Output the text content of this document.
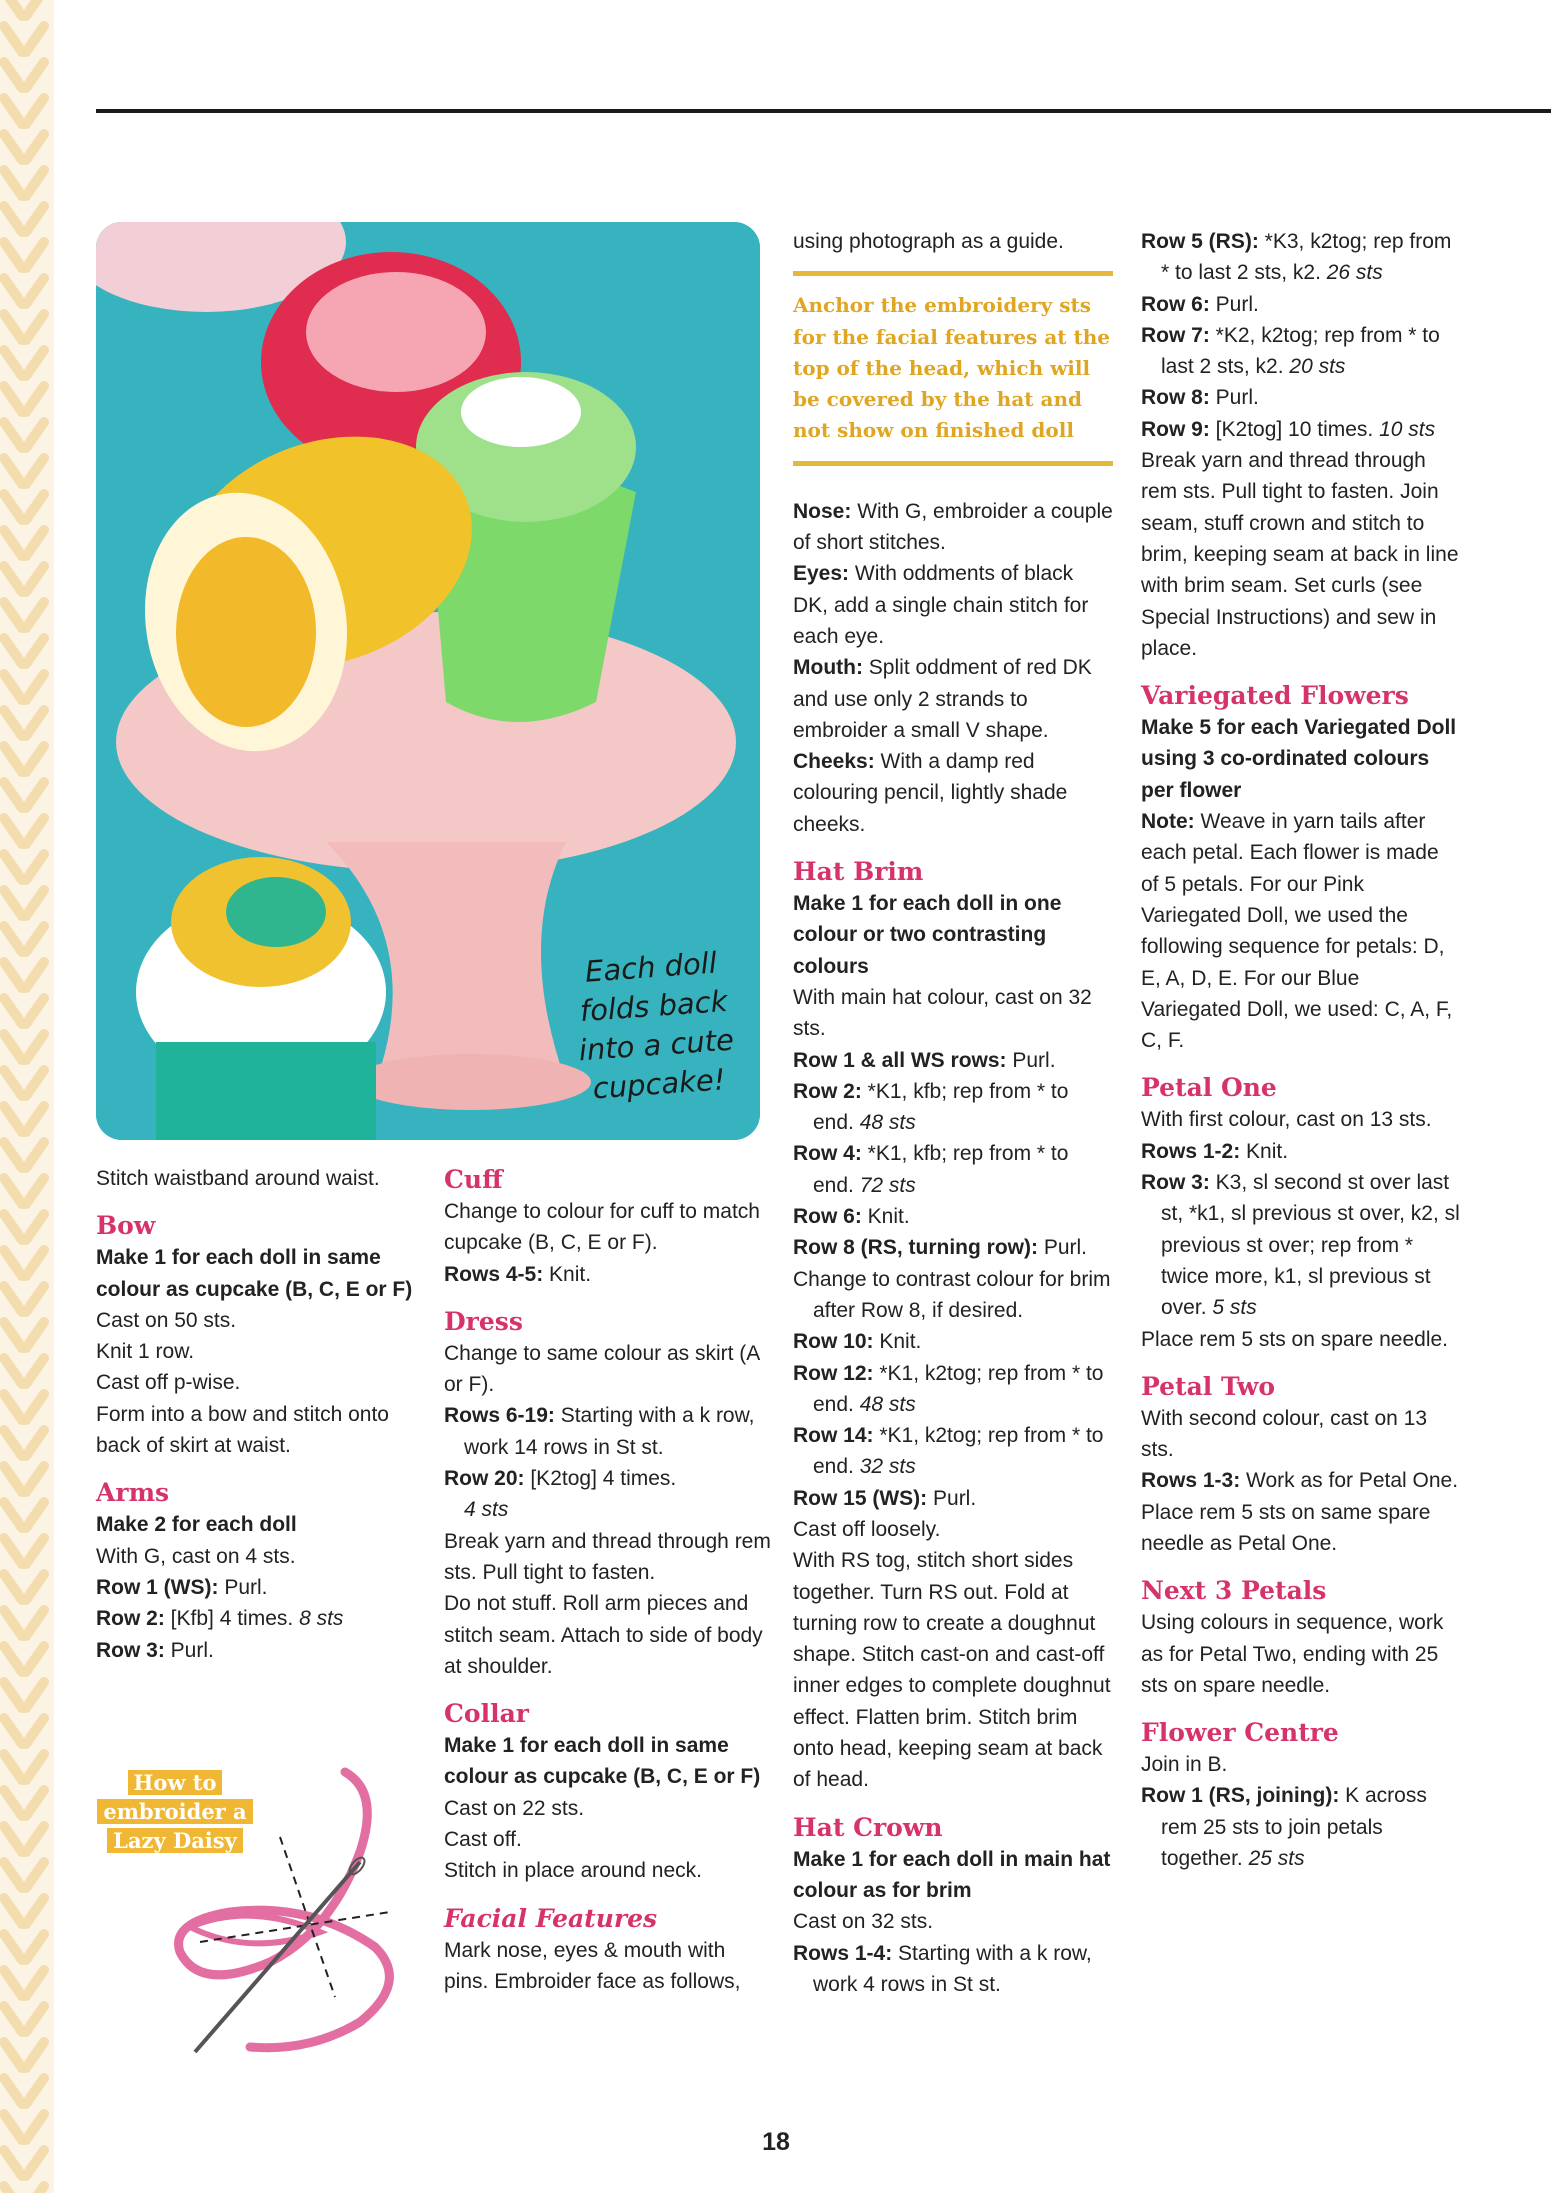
Each doll folds back into a cute cupcake!

Stitch waistband around waist.

Bow

Make 1 for each doll in same colour as cupcake (B, C, E or F)

Cast on 50 sts.

Knit 1 row.

Cast off p-wise.

Form into a bow and stitch onto back of skirt at waist.

Arms

Make 2 for each doll

With G, cast on 4 sts.

Row 1 (WS): Purl.

Row 2: [Kfb] 4 times. 8 sts

Row 3: Purl.

How to
embroider a
Lazy Daisy

Cuff

Change to colour for cuff to match cupcake (B, C, E or F).

Rows 4-5: Knit.

Dress

Change to same colour as skirt (A or F).

Rows 6-19: Starting with a k row, work 14 rows in St st.

Row 20: [K2tog] 4 times.

4 sts

Break yarn and thread through rem sts. Pull tight to fasten.

Do not stuff. Roll arm pieces and stitch seam. Attach to side of body at shoulder.

Collar

Make 1 for each doll in same colour as cupcake (B, C, E or F)

Cast on 22 sts.

Cast off.

Stitch in place around neck.

Facial Features

Mark nose, eyes & mouth with pins. Embroider face as follows,

using photograph as a guide.

Anchor the embroidery sts for the facial features at the top of the head, which will be covered by the hat and not show on finished doll

Nose: With G, embroider a couple of short stitches.

Eyes: With oddments of black DK, add a single chain stitch for each eye.

Mouth: Split oddment of red DK and use only 2 strands to embroider a small V shape.

Cheeks: With a damp red colouring pencil, lightly shade cheeks.

Hat Brim

Make 1 for each doll in one colour or two contrasting colours

With main hat colour, cast on 32 sts.

Row 1 & all WS rows: Purl.

Row 2: *K1, kfb; rep from * to end. 48 sts

Row 4: *K1, kfb; rep from * to end. 72 sts

Row 6: Knit.

Row 8 (RS, turning row): Purl.

Change to contrast colour for brim after Row 8, if desired.

Row 10: Knit.

Row 12: *K1, k2tog; rep from * to end. 48 sts

Row 14: *K1, k2tog; rep from * to end. 32 sts

Row 15 (WS): Purl.

Cast off loosely.

With RS tog, stitch short sides together. Turn RS out. Fold at turning row to create a doughnut shape. Stitch cast-on and cast-off inner edges to complete doughnut effect. Flatten brim. Stitch brim onto head, keeping seam at back of head.

Hat Crown

Make 1 for each doll in main hat colour as for brim

Cast on 32 sts.

Rows 1-4: Starting with a k row, work 4 rows in St st.

Row 5 (RS): *K3, k2tog; rep from * to last 2 sts, k2. 26 sts

Row 6: Purl.

Row 7: *K2, k2tog; rep from * to last 2 sts, k2. 20 sts

Row 8: Purl.

Row 9: [K2tog] 10 times. 10 sts

Break yarn and thread through rem sts. Pull tight to fasten. Join seam, stuff crown and stitch to brim, keeping seam at back in line with brim seam. Set curls (see Special Instructions) and sew in place.

Variegated Flowers

Make 5 for each Variegated Doll using 3 co-ordinated colours per flower

Note: Weave in yarn tails after each petal. Each flower is made of 5 petals. For our Pink Variegated Doll, we used the following sequence for petals: D, E, A, D, E. For our Blue Variegated Doll, we used: C, A, F, C, F.

Petal One

With first colour, cast on 13 sts.

Rows 1-2: Knit.

Row 3: K3, sl second st over last st, *k1, sl previous st over, k2, sl previous st over; rep from * twice more, k1, sl previous st over. 5 sts

Place rem 5 sts on spare needle.

Petal Two

With second colour, cast on 13 sts.

Rows 1-3: Work as for Petal One.

Place rem 5 sts on same spare needle as Petal One.

Next 3 Petals

Using colours in sequence, work as for Petal Two, ending with 25 sts on spare needle.

Flower Centre

Join in B.

Row 1 (RS, joining): K across rem 25 sts to join petals together. 25 sts

18
